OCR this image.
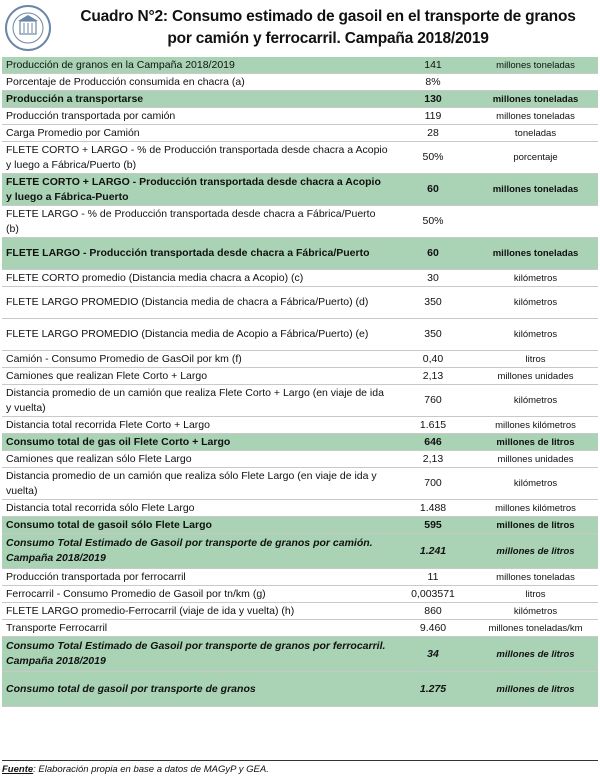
Cuadro N°2: Consumo estimado de gasoil en el transporte de granos
por camión y ferrocarril. Campaña 2018/2019
Producción de granos en la Campaña 2018/2019	141	millones toneladas
Porcentaje de Producción consumida en chacra (a)	8%	
Producción a transportarse	130	millones toneladas
Producción transportada por camión	119	millones toneladas
Carga Promedio por Camión	28	toneladas
FLETE CORTO + LARGO - % de Producción transportada desde chacra a Acopio y luego a Fábrica/Puerto (b)	50%	porcentaje
FLETE CORTO + LARGO - Producción transportada desde chacra a Acopio y luego a Fábrica-Puerto	60	millones toneladas
FLETE LARGO - % de Producción transportada desde chacra a Fábrica/Puerto (b)	50%	
FLETE LARGO - Producción transportada desde chacra a Fábrica/Puerto	60	millones toneladas
FLETE CORTO promedio (Distancia media chacra a Acopio) (c)	30	kilómetros
FLETE LARGO PROMEDIO (Distancia media de chacra a Fábrica/Puerto) (d)	350	kilómetros
FLETE LARGO PROMEDIO (Distancia media de Acopio a Fábrica/Puerto) (e)	350	kilómetros
Camión - Consumo Promedio de GasOil por km (f)	0,40	litros
Camiones que realizan Flete Corto + Largo	2,13	millones unidades
Distancia promedio de un camión que realiza Flete Corto + Largo (en viaje de ida y vuelta)	760	kilómetros
Distancia total recorrida Flete Corto + Largo	1.615	millones kilómetros
Consumo total de gas oil Flete Corto + Largo	646	millones de litros
Camiones que realizan sólo Flete Largo	2,13	millones unidades
Distancia promedio de un camión que realiza sólo Flete Largo (en viaje de ida y vuelta)	700	kilómetros
Distancia total recorrida sólo Flete Largo	1.488	millones kilómetros
Consumo total de gasoil sólo Flete Largo	595	millones de litros
Consumo Total Estimado de Gasoil por transporte de granos por camión. Campaña 2018/2019	1.241	millones de litros
Producción transportada por ferrocarril	11	millones toneladas
Ferrocarril - Consumo Promedio de Gasoil por tn/km (g)	0,003571	litros
FLETE LARGO promedio-Ferrocarril (viaje de ida y vuelta) (h)	860	kilómetros
Transporte Ferrocarril	9.460	millones toneladas/km
Consumo Total Estimado de Gasoil por transporte de granos por ferrocarril. Campaña 2018/2019	34	millones de litros
Consumo total de gasoil por transporte de granos	1.275	millones de litros
Fuente: Elaboración propia en base a datos de MAGyP y GEA.
